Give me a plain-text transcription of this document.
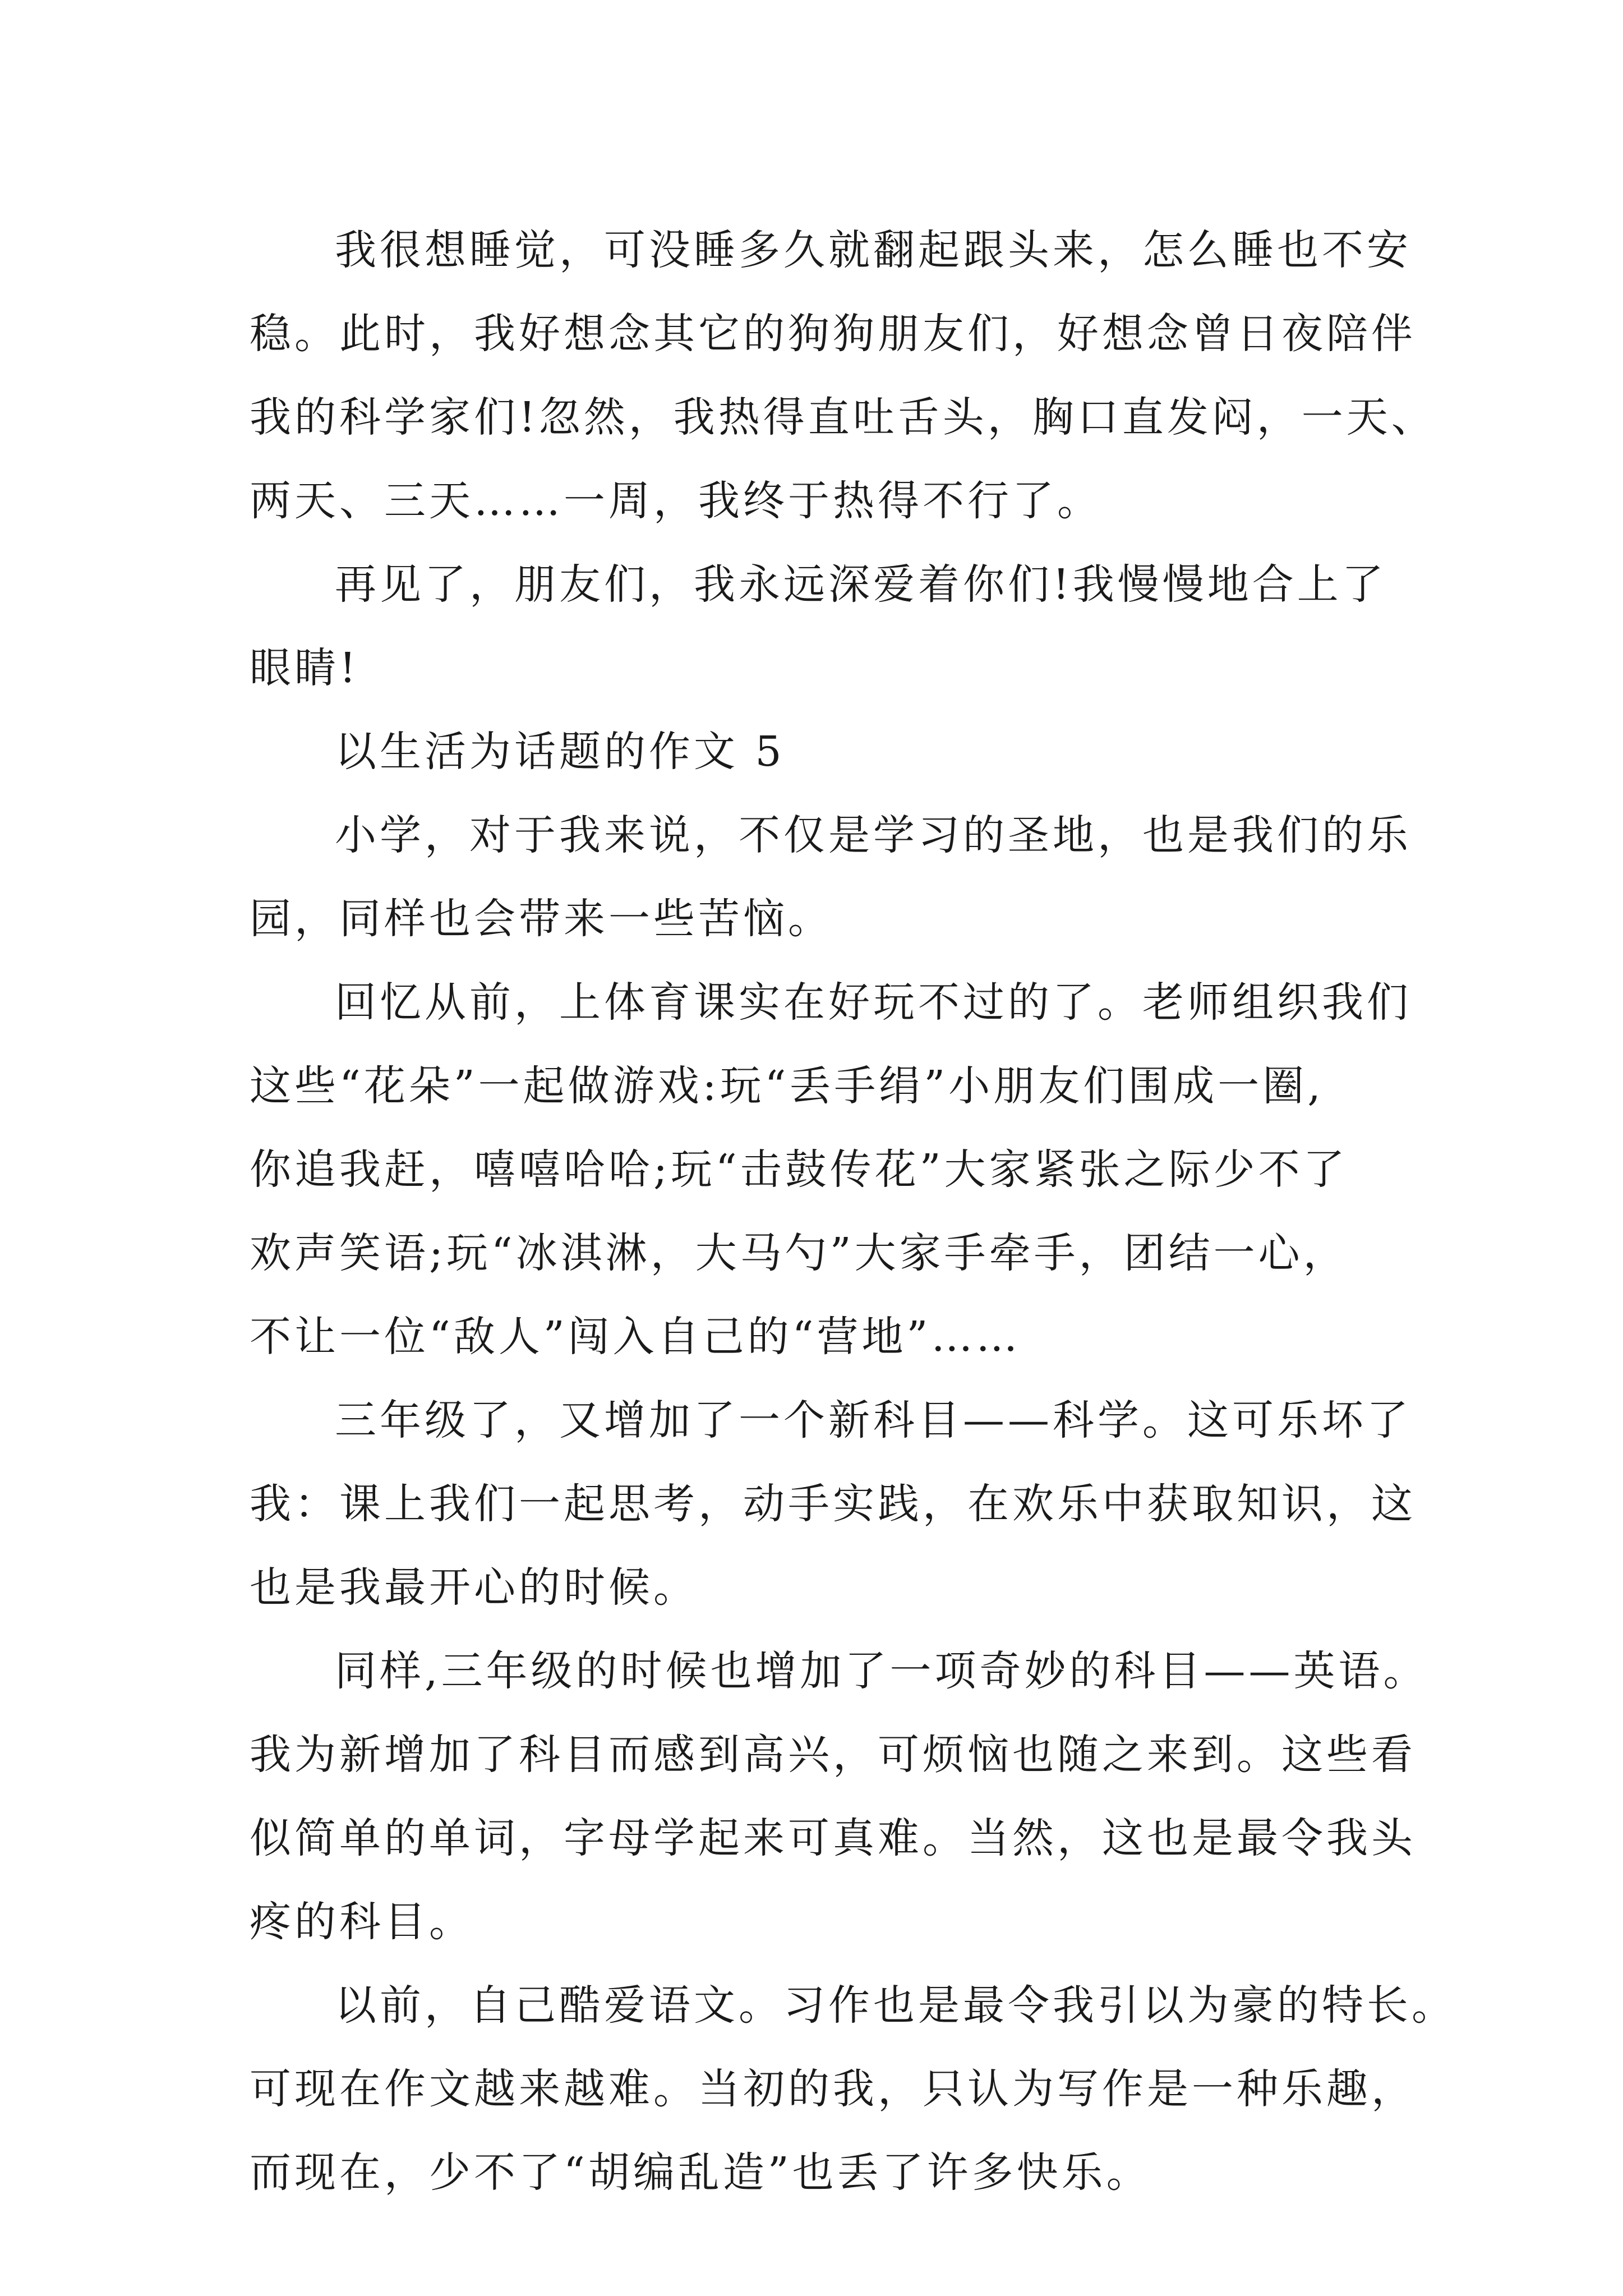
我很想睡觉，可没睡多久就翻起跟头来，怎么睡也不安
稳。此时，我好想念其它的狗狗朋友们，好想念曾日夜陪伴
我的科学家们!忽然，我热得直吐舌头，胸口直发闷，一天、
两天、三天……一周，我终于热得不行了。
再见了，朋友们，我永远深爱着你们!我慢慢地合上了
眼睛!
以生活为话题的作文 5
小学，对于我来说，不仅是学习的圣地，也是我们的乐
园，同样也会带来一些苦恼。
回忆从前，上体育课实在好玩不过的了。老师组织我们
这些“花朵”一起做游戏:玩“丢手绢”小朋友们围成一圈,
你追我赶，嘻嘻哈哈;玩“击鼓传花”大家紧张之际少不了
欢声笑语;玩“冰淇淋，大马勺”大家手牵手，团结一心，
不让一位“敌人”闯入自己的“营地”……
三年级了，又增加了一个新科目——科学。这可乐坏了
我：课上我们一起思考，动手实践，在欢乐中获取知识，这
也是我最开心的时候。
同样,三年级的时候也增加了一项奇妙的科目——英语。
我为新增加了科目而感到高兴，可烦恼也随之来到。这些看
似简单的单词，字母学起来可真难。当然，这也是最令我头
疼的科目。
以前，自己酷爱语文。习作也是最令我引以为豪的特长。
可现在作文越来越难。当初的我，只认为写作是一种乐趣，
而现在，少不了“胡编乱造”也丢了许多快乐。
